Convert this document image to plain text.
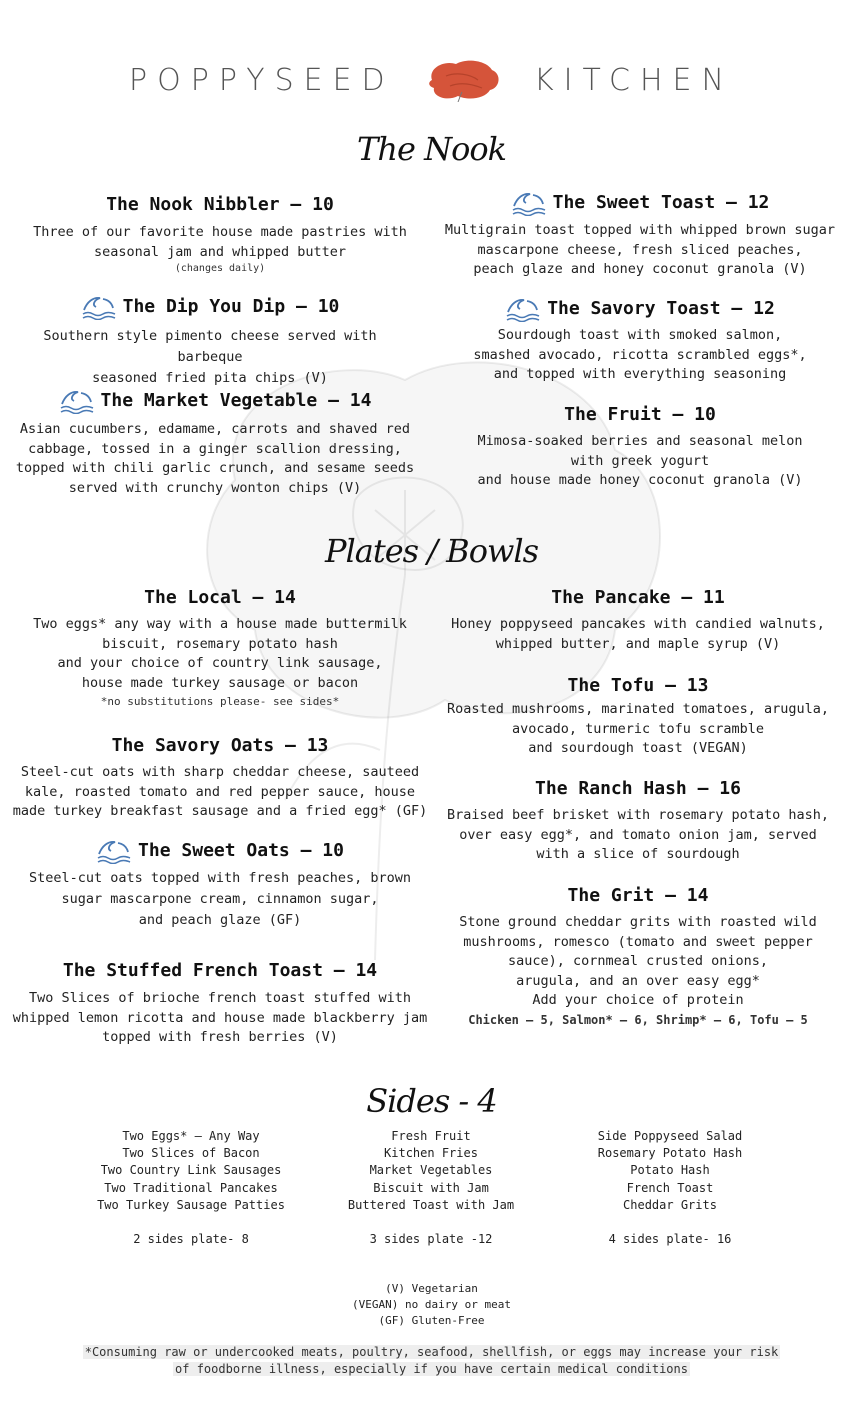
POPPYSEED	KITCHEN
The Nook
The Nook Nibbler — 10
Three of our favorite house made pastries with
seasonal jam and whipped butter
(changes daily)
The Sweet Toast — 12
Multigrain toast topped with whipped brown sugar
mascarpone cheese, fresh sliced peaches,
peach glaze and honey coconut granola (V)
The Dip You Dip — 10
Southern style pimento cheese served with barbeque
seasoned fried pita chips (V)
The Savory Toast — 12
Sourdough toast with smoked salmon,
smashed avocado, ricotta scrambled eggs*,
and topped with everything seasoning
The Market Vegetable — 14
Asian cucumbers, edamame, carrots and shaved red
cabbage, tossed in a ginger scallion dressing,
topped with chili garlic crunch, and sesame seeds
served with crunchy wonton chips (V)
The Fruit — 10
Mimosa-soaked berries and seasonal melon
with greek yogurt
and house made honey coconut granola (V)
Plates / Bowls
The Local — 14
Two eggs* any way with a house made buttermilk
biscuit, rosemary potato hash
and your choice of country link sausage,
house made turkey sausage or bacon
*no substitutions please- see sides*
The Pancake — 11
Honey poppyseed pancakes with candied walnuts,
whipped butter, and maple syrup (V)
The Tofu — 13
Roasted mushrooms, marinated tomatoes, arugula,
avocado, turmeric tofu scramble
and sourdough toast (VEGAN)
The Savory Oats — 13
Steel-cut oats with sharp cheddar cheese, sauteed
kale, roasted tomato and red pepper sauce, house
made turkey breakfast sausage and a fried egg* (GF)
The Ranch Hash — 16
Braised beef brisket with rosemary potato hash,
over easy egg*, and tomato onion jam, served
with a slice of sourdough
The Sweet Oats — 10
Steel-cut oats topped with fresh peaches, brown
sugar mascarpone cream, cinnamon sugar,
and peach glaze (GF)
The Grit — 14
Stone ground cheddar grits with roasted wild
mushrooms, romesco (tomato and sweet pepper
sauce), cornmeal crusted onions,
arugula, and an over easy egg*
Add your choice of protein
Chicken — 5, Salmon* — 6, Shrimp* — 6, Tofu — 5
The Stuffed French Toast — 14
Two Slices of brioche french toast stuffed with
whipped lemon ricotta and house made blackberry jam
topped with fresh berries (V)
Sides - 4
Two Eggs* — Any Way
Two Slices of Bacon
Two Country Link Sausages
Two Traditional Pancakes
Two Turkey Sausage Patties
2 sides plate- 8
Fresh Fruit
Kitchen Fries
Market Vegetables
Biscuit with Jam
Buttered Toast with Jam
3 sides plate -12
Side Poppyseed Salad
Rosemary Potato Hash
Potato Hash
French Toast
Cheddar Grits
4 sides plate- 16
(V) Vegetarian
(VEGAN) no dairy or meat
(GF) Gluten-Free
*Consuming raw or undercooked meats, poultry, seafood, shellfish, or eggs may increase your risk
of foodborne illness, especially if you have certain medical conditions
